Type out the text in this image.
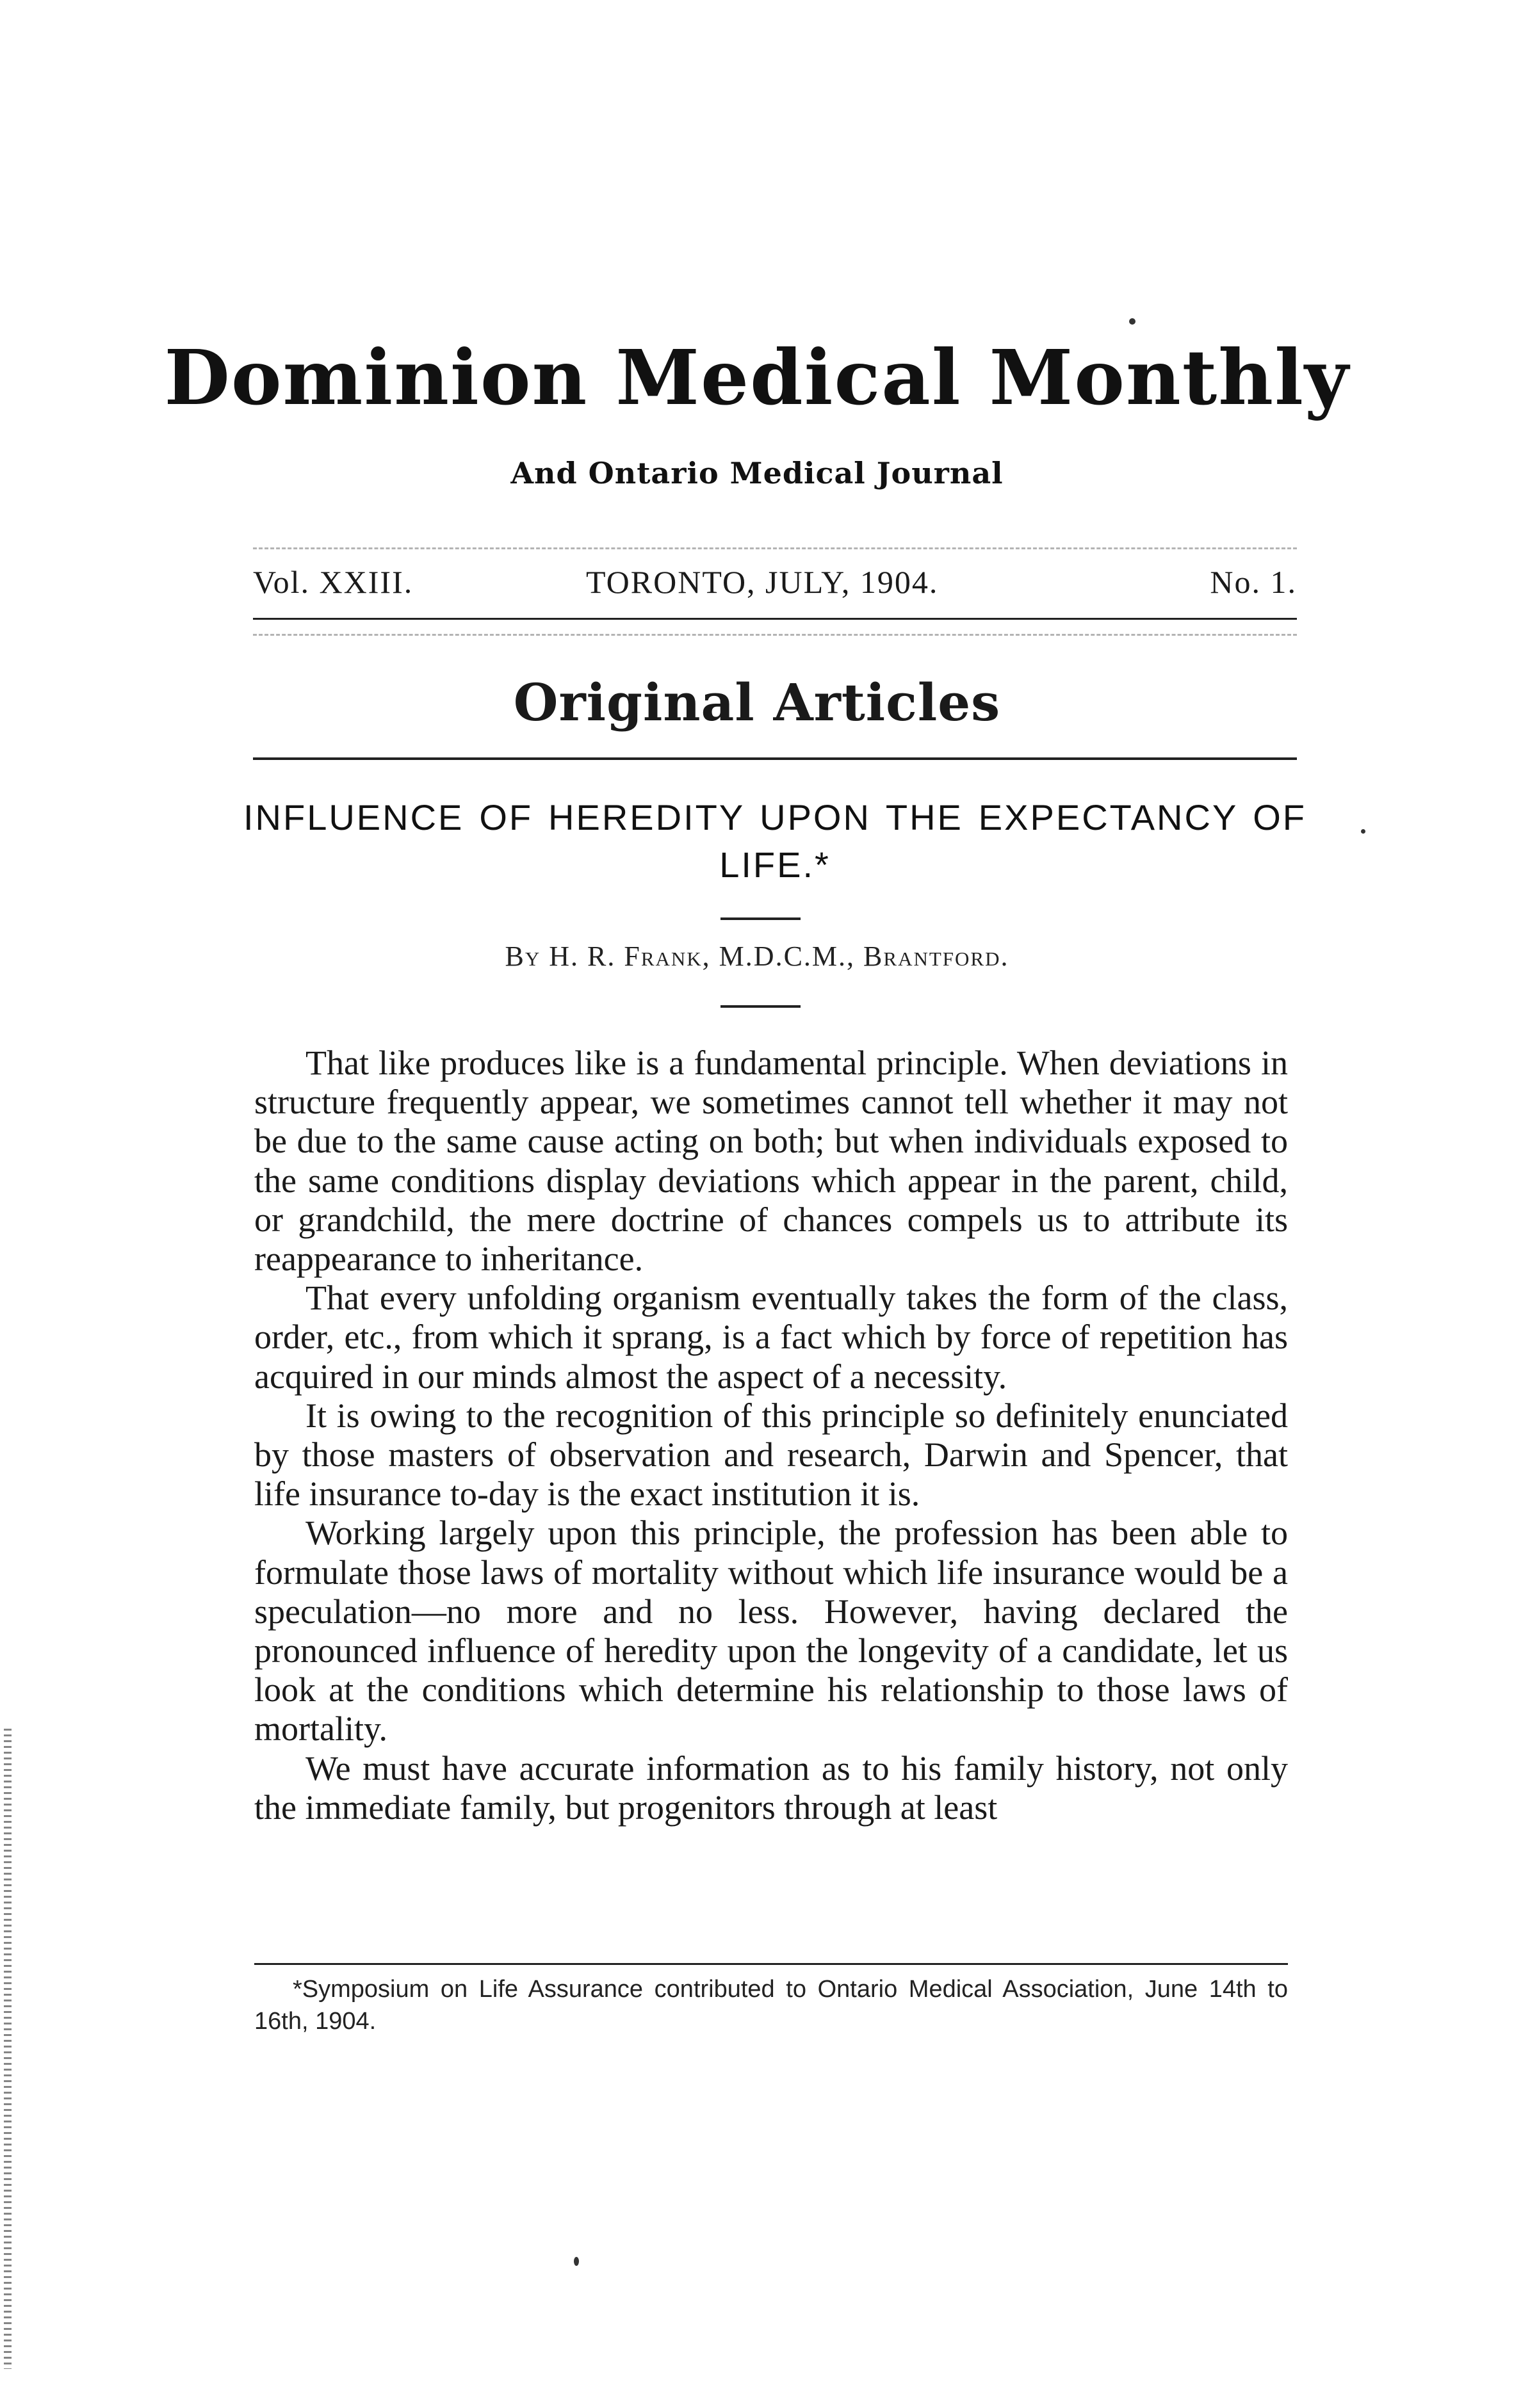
Dominion Medical Monthly
And Ontario Medical Journal
Vol. XXIII.	TORONTO, JULY, 1904.	No. 1.
Original Articles
INFLUENCE OF HEREDITY UPON THE EXPECTANCY OF LIFE.*
By H. R. Frank, M.D.C.M., Brantford.

That like produces like is a fundamental principle. When deviations in structure frequently appear, we sometimes cannot tell whether it may not be due to the same cause acting on both; but when individuals exposed to the same conditions display deviations which appear in the parent, child, or grandchild, the mere doctrine of chances compels us to attribute its reappearance to inheritance.

That every unfolding organism eventually takes the form of the class, order, etc., from which it sprang, is a fact which by force of repetition has acquired in our minds almost the aspect of a necessity.

It is owing to the recognition of this principle so definitely enunciated by those masters of observation and research, Darwin and Spencer, that life insurance to-day is the exact institution it is.

Working largely upon this principle, the profession has been able to formulate those laws of mortality without which life insurance would be a speculation—no more and no less. However, having declared the pronounced influence of heredity upon the longevity of a candidate, let us look at the conditions which determine his relationship to those laws of mortality.

We must have accurate information as to his family history, not only the immediate family, but progenitors through at least

*Symposium on Life Assurance contributed to Ontario Medical Association, June 14th to 16th, 1904.
